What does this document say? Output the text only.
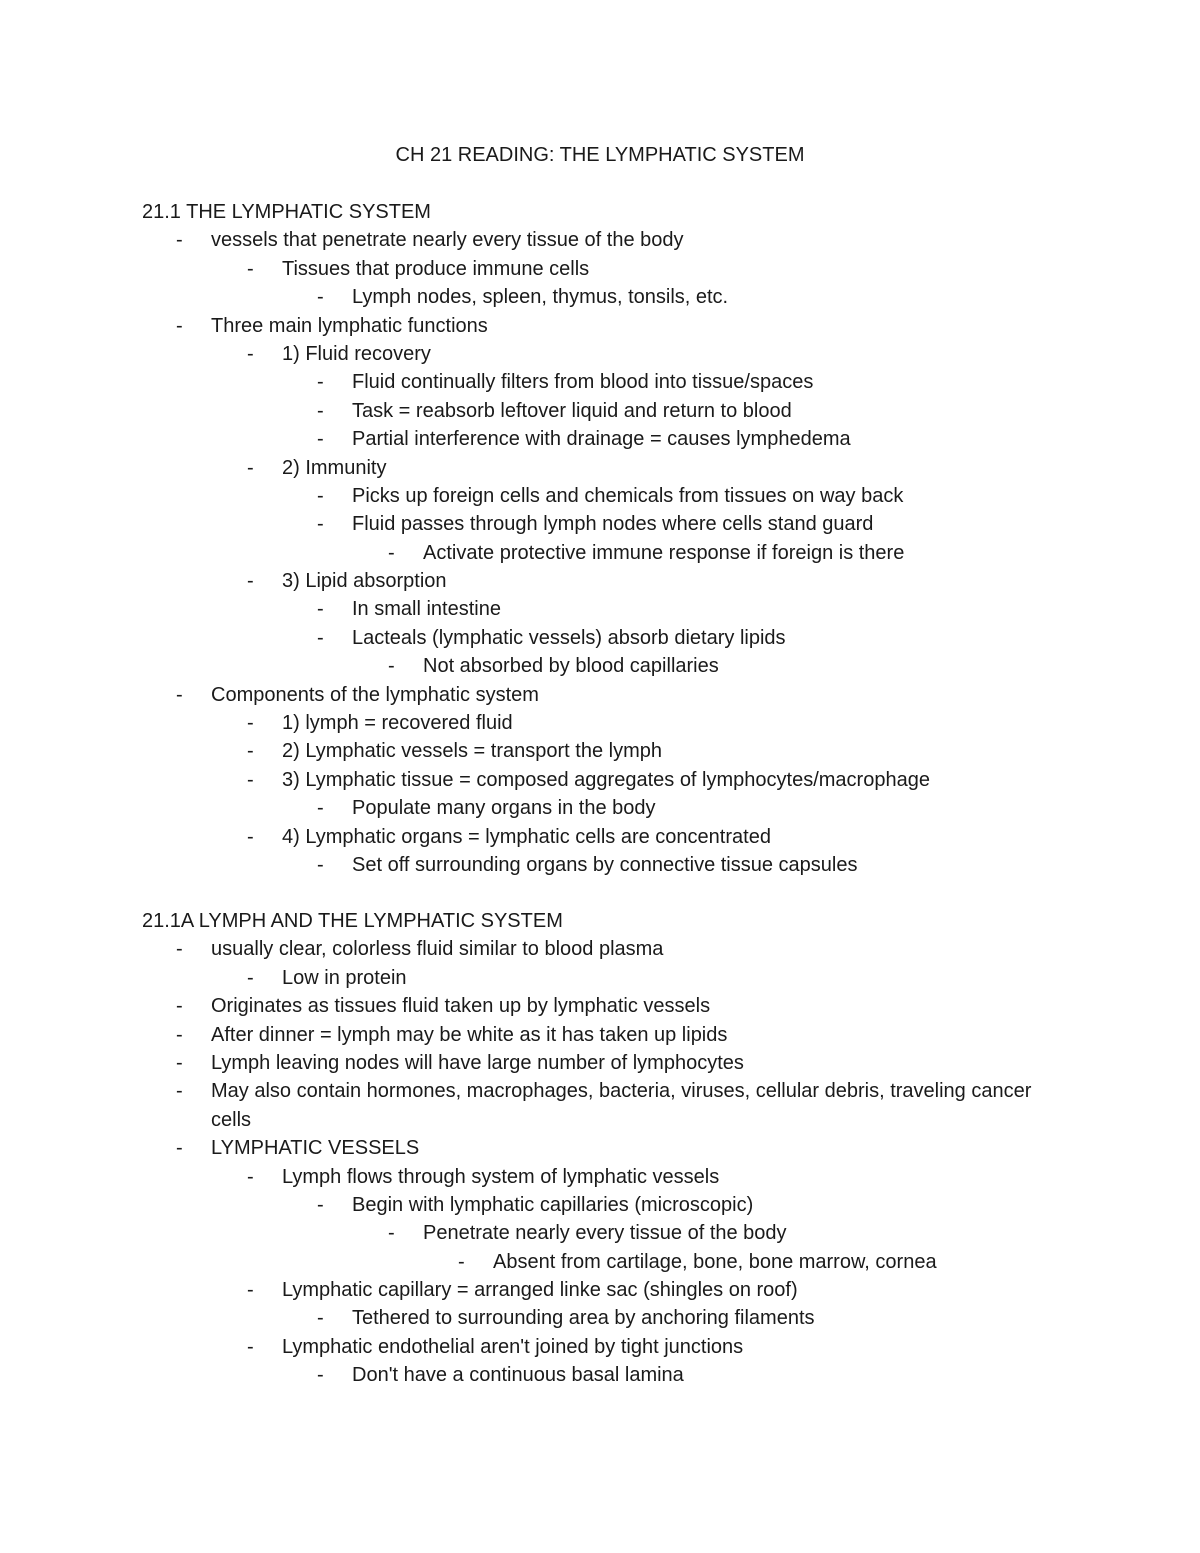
CH 21 READING: THE LYMPHATIC SYSTEM
21.1 THE LYMPHATIC SYSTEM
- vessels that penetrate nearly every tissue of the body
- Tissues that produce immune cells
- Lymph nodes, spleen, thymus, tonsils, etc.
- Three main lymphatic functions
- 1) Fluid recovery
- Fluid continually filters from blood into tissue/spaces
- Task = reabsorb leftover liquid and return to blood
- Partial interference with drainage = causes lymphedema
- 2) Immunity
- Picks up foreign cells and chemicals from tissues on way back
- Fluid passes through lymph nodes where cells stand guard
- Activate protective immune response if foreign is there
- 3) Lipid absorption
- In small intestine
- Lacteals (lymphatic vessels) absorb dietary lipids
- Not absorbed by blood capillaries
- Components of the lymphatic system
- 1) lymph = recovered fluid
- 2) Lymphatic vessels = transport the lymph
- 3) Lymphatic tissue = composed aggregates of lymphocytes/macrophage
- Populate many organs in the body
- 4) Lymphatic organs = lymphatic cells are concentrated
- Set off surrounding organs by connective tissue capsules
21.1A LYMPH AND THE LYMPHATIC SYSTEM
- usually clear, colorless fluid similar to blood plasma
- Low in protein
- Originates as tissues fluid taken up by lymphatic vessels
- After dinner = lymph may be white as it has taken up lipids
- Lymph leaving nodes will have large number of lymphocytes
- May also contain hormones, macrophages, bacteria, viruses, cellular debris, traveling cancer cells
- LYMPHATIC VESSELS
- Lymph flows through system of lymphatic vessels
- Begin with lymphatic capillaries (microscopic)
- Penetrate nearly every tissue of the body
- Absent from cartilage, bone, bone marrow, cornea
- Lymphatic capillary = arranged linke sac (shingles on roof)
- Tethered to surrounding area by anchoring filaments
- Lymphatic endothelial aren't joined by tight junctions
- Don't have a continuous basal lamina
